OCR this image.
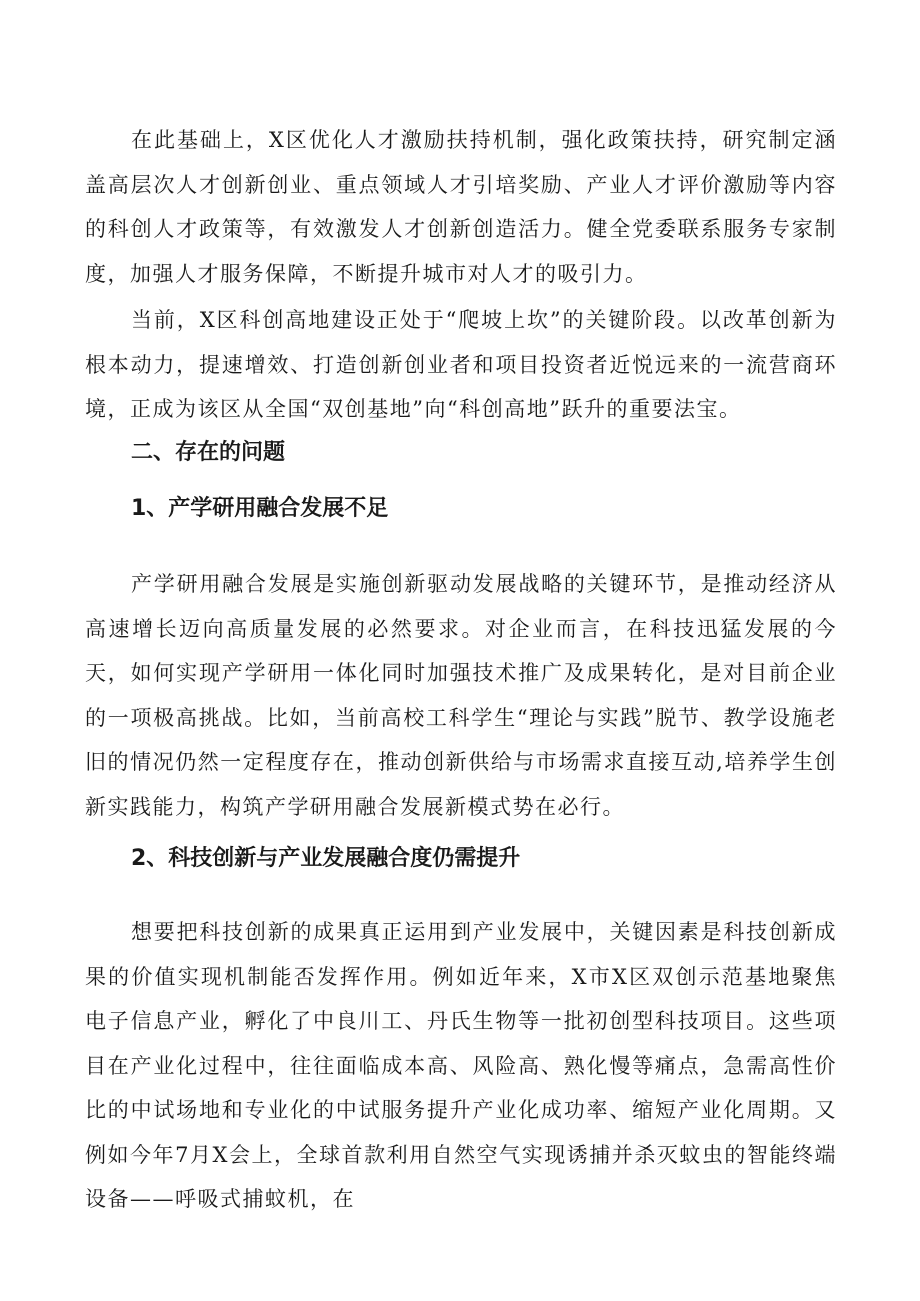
在此基础上，X区优化人才激励扶持机制，强化政策扶持，研究制定涵盖高层次人才创新创业、重点领域人才引培奖励、产业人才评价激励等内容的科创人才政策等，有效激发人才创新创造活力。健全党委联系服务专家制度，加强人才服务保障，不断提升城市对人才的吸引力。

当前，X区科创高地建设正处于“爬坡上坎”的关键阶段。以改革创新为根本动力，提速增效、打造创新创业者和项目投资者近悦远来的一流营商环境，正成为该区从全国“双创基地”向“科创高地”跃升的重要法宝。

二、存在的问题
1、产学研用融合发展不足

产学研用融合发展是实施创新驱动发展战略的关键环节，是推动经济从高速增长迈向高质量发展的必然要求。对企业而言，在科技迅猛发展的今天，如何实现产学研用一体化同时加强技术推广及成果转化，是对目前企业的一项极高挑战。比如，当前高校工科学生“理论与实践”脱节、教学设施老旧的情况仍然一定程度存在，推动创新供给与市场需求直接互动,培养学生创新实践能力，构筑产学研用融合发展新模式势在必行。

2、科技创新与产业发展融合度仍需提升

想要把科技创新的成果真正运用到产业发展中，关键因素是科技创新成果的价值实现机制能否发挥作用。例如近年来，X市X区双创示范基地聚焦电子信息产业，孵化了中良川工、丹氏生物等一批初创型科技项目。这些项目在产业化过程中，往往面临成本高、风险高、熟化慢等痛点，急需高性价比的中试场地和专业化的中试服务提升产业化成功率、缩短产业化周期。又例如今年7月X会上，全球首款利用自然空气实现诱捕并杀灭蚊虫的智能终端设备——呼吸式捕蚊机，在
